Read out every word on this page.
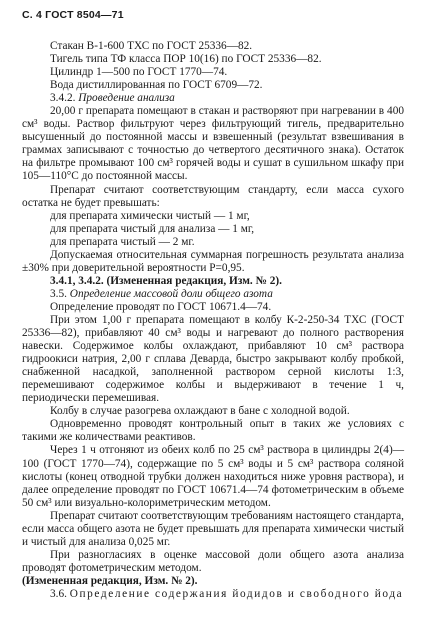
С. 4 ГОСТ 8504—71

Стакан В-1-600 ТХС по ГОСТ 25336—82.

Тигель типа ТФ класса ПОР 10(16) по ГОСТ 25336—82.

Цилиндр 1—500 по ГОСТ 1770—74.

Вода дистиллированная по ГОСТ 6709—72.

3.4.2. Проведение анализа

20,00 г препарата помещают в стакан и растворяют при нагревании в 400 см³ воды. Раствор фильтруют через фильтрующий тигель, предварительно высушенный до постоянной массы и взвешенный (результат взвешивания в граммах записывают с точностью до четвертого десятичного знака). Остаток на фильтре промывают 100 см³ горячей воды и сушат в сушильном шкафу при 105—110°С до постоянной массы.

Препарат считают соответствующим стандарту, если масса сухого остатка не будет превышать:

для препарата химически чистый — 1 мг,

для препарата чистый для анализа — 1 мг,

для препарата чистый — 2 мг.

Допускаемая относительная суммарная погрешность результата анализа ±30% при доверительной вероятности P=0,95.

3.4.1, 3.4.2. (Измененная редакция, Изм. № 2).

3.5. Определение массовой доли общего азота

Определение проводят по ГОСТ 10671.4—74.

При этом 1,00 г препарата помещают в колбу К-2-250-34 ТХС (ГОСТ 25336—82), прибавляют 40 см³ воды и нагревают до полного растворения навески. Содержимое колбы охлаждают, прибавляют 10 см³ раствора гидроокиси натрия, 2,00 г сплава Деварда, быстро закрывают колбу пробкой, снабженной насадкой, заполненной раствором серной кислоты 1:3, перемешивают содержимое колбы и выдерживают в течение 1 ч, периодически перемешивая.

Колбу в случае разогрева охлаждают в бане с холодной водой.

Одновременно проводят контрольный опыт в таких же условиях с такими же количествами реактивов.

Через 1 ч отгоняют из обеих колб по 25 см³ раствора в цилиндры 2(4)—100 (ГОСТ 1770—74), содержащие по 5 см³ воды и 5 см³ раствора соляной кислоты (конец отводной трубки должен находиться ниже уровня раствора), и далее определение проводят по ГОСТ 10671.4—74 фотометрическим в объеме 50 см³ или визуально-колориметрическим методом.

Препарат считают соответствующим требованиям настоящего стандарта, если масса общего азота не будет превышать для препарата химически чистый и чистый для анализа 0,025 мг.

При разногласиях в оценке массовой доли общего азота анализа проводят фотометрическим методом.

(Измененная редакция, Изм. № 2).

3.6. Определение содержания йодидов и свободного йода
